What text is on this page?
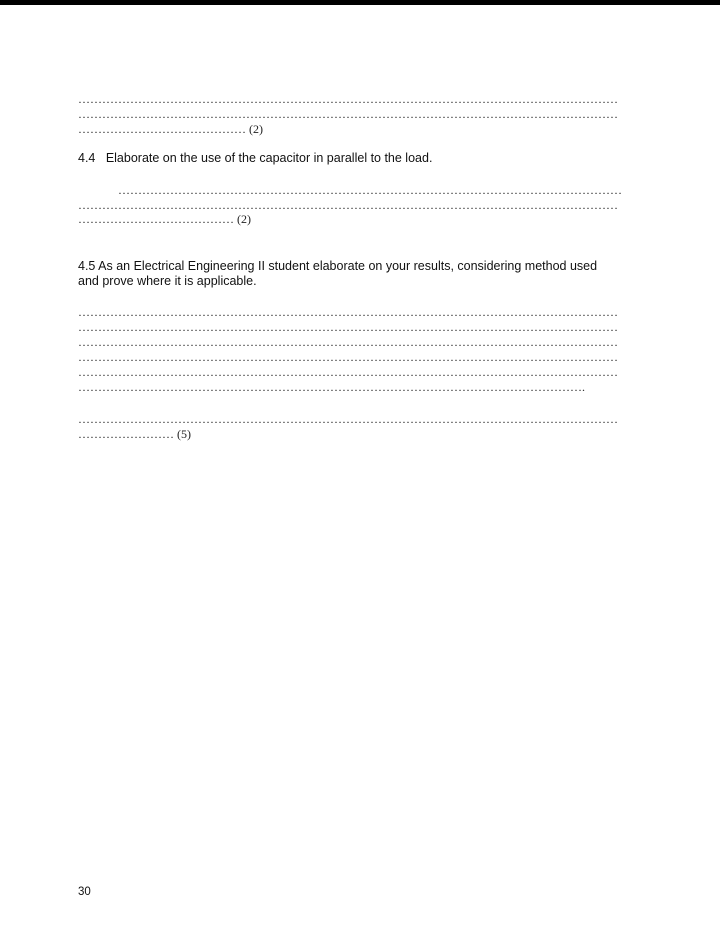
………………………………………………………………………………………………………………………
………………………………………………………………………………………………………………………
…………………………………… (2)
4.4 Elaborate on the use of the capacitor in parallel to the load.
………………………………………………………………………………………………………………
………………………………………………………………………………………………………………………
………………………………… (2)
4.5 As an Electrical Engineering II student elaborate on your results, considering method used
and prove where it is applicable.
………………………………………………………………………………………………………………………
………………………………………………………………………………………………………………………
………………………………………………………………………………………………………………………
………………………………………………………………………………………………………………………
………………………………………………………………………………………………………………………
……………………………………………………………………………………………………………….
………………………………………………………………………………………………………………………
…………………… (5)
30
